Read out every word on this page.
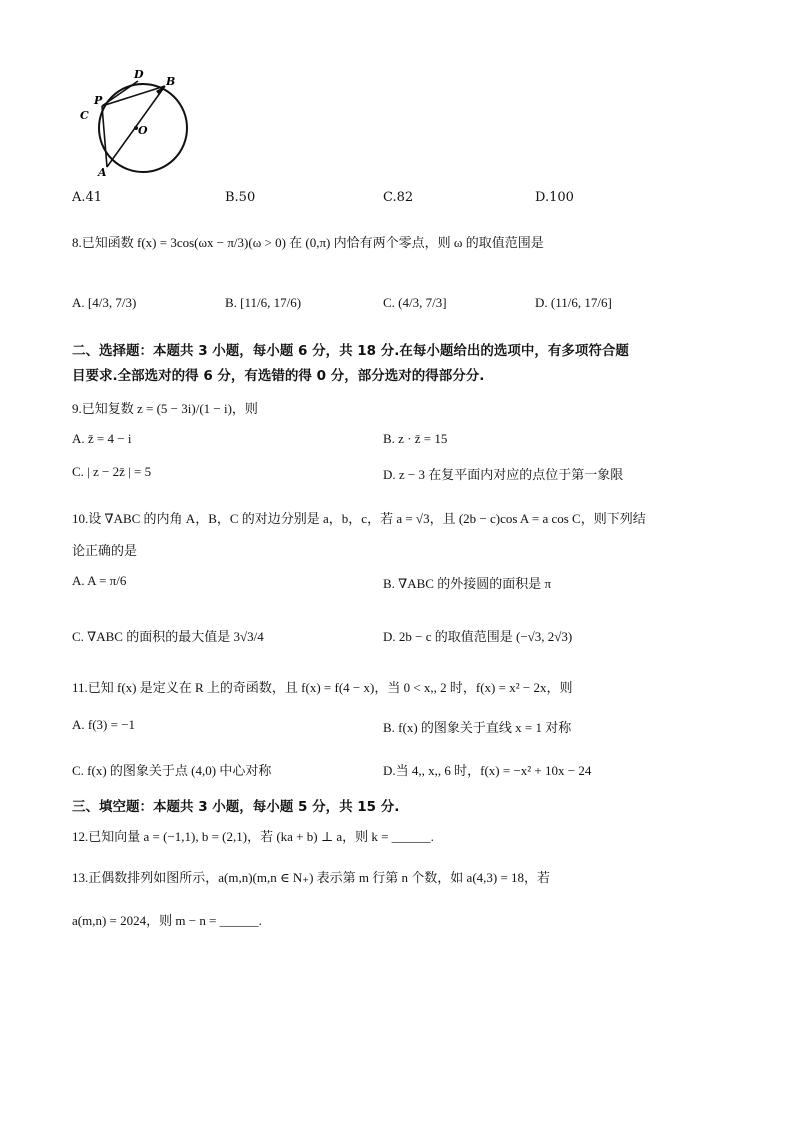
D
B
P
C
O
A
A.41	B.50	C.82	D.100
8.已知函数 f(x) = 3cos(ωx − π/3)(ω > 0) 在 (0,π) 内恰有两个零点，则 ω 的取值范围是
A. [4/3, 7/3)	B. [11/6, 17/6)	C. (4/3, 7/3]	D. (11/6, 17/6]
二、选择题：本题共 3 小题，每小题 6 分，共 18 分.在每小题给出的选项中，有多项符合题
目要求.全部选对的得 6 分，有选错的得 0 分，部分选对的得部分分.
9.已知复数 z = (5 − 3i)/(1 − i)，则
A. z̄ = 4 − i	B. z · z̄ = 15
C. | z − 2z̄ | = 5	D. z − 3 在复平面内对应的点位于第一象限
10.设 ∇ABC 的内角 A，B，C 的对边分别是 a，b，c，若 a = √3，且 (2b − c)cos A = a cos C，则下列结
论正确的是
A. A = π/6	B. ∇ABC 的外接圆的面积是 π
C. ∇ABC 的面积的最大值是 3√3/4	D. 2b − c 的取值范围是 (−√3, 2√3)
11.已知 f(x) 是定义在 R 上的奇函数，且 f(x) = f(4 − x)，当 0 < x,, 2 时，f(x) = x² − 2x，则
A. f(3) = −1	B. f(x) 的图象关于直线 x = 1 对称
C. f(x) 的图象关于点 (4,0) 中心对称	D.当 4,, x,, 6 时，f(x) = −x² + 10x − 24
三、填空题：本题共 3 小题，每小题 5 分，共 15 分.
12.已知向量 a = (−1,1), b = (2,1)，若 (ka + b) ⊥ a，则 k = ______.
13.正偶数排列如图所示，a(m,n)(m,n ∈ N₊) 表示第 m 行第 n 个数，如 a(4,3) = 18，若
a(m,n) = 2024，则 m − n = ______.
